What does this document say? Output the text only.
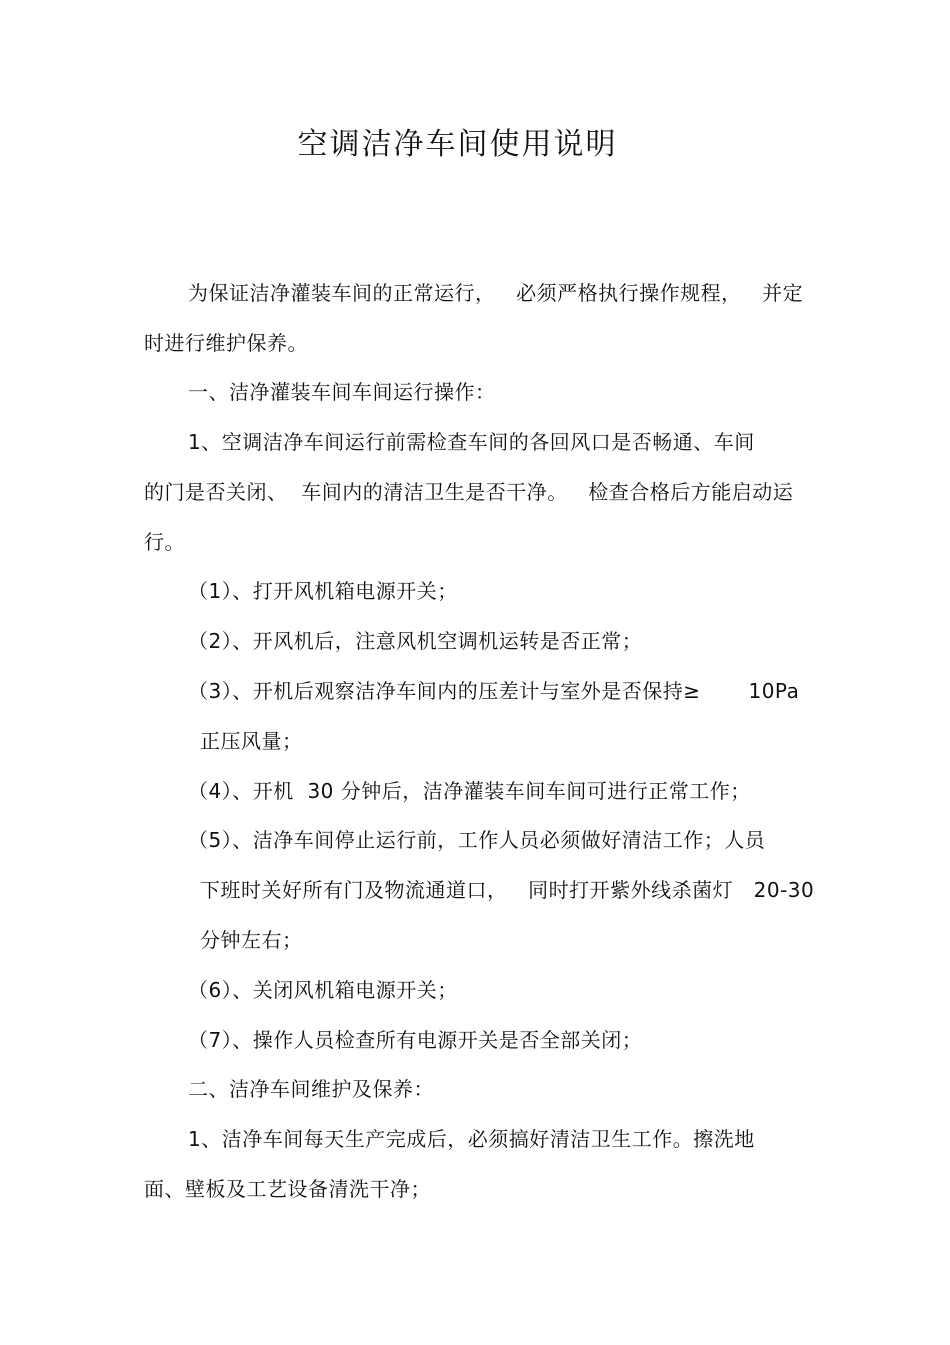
空调洁净车间使用说明
为保证洁净灌装车间的正常运行，   必须严格执行操作规程，   并定
时进行维护保养。
一、洁净灌装车间车间运行操作：
1、空调洁净车间运行前需检查车间的各回风口是否畅通、车间
的门是否关闭、  车间内的清洁卫生是否干净。   检查合格后方能启动运
行。
（1）、打开风机箱电源开关；
（2）、开风机后，注意风机空调机运转是否正常；
（3）、开机后观察洁净车间内的压差计与室外是否保持≥       10Pa
正压风量；
（4）、开机  30 分钟后，洁净灌装车间车间可进行正常工作；
（5）、洁净车间停止运行前，工作人员必须做好清洁工作；人员
下班时关好所有门及物流通道口，   同时打开紫外线杀菌灯   20-30
分钟左右；
（6）、关闭风机箱电源开关；
（7）、操作人员检查所有电源开关是否全部关闭；
二、洁净车间维护及保养：
1、洁净车间每天生产完成后，必须搞好清洁卫生工作。擦洗地
面、壁板及工艺设备清洗干净；
